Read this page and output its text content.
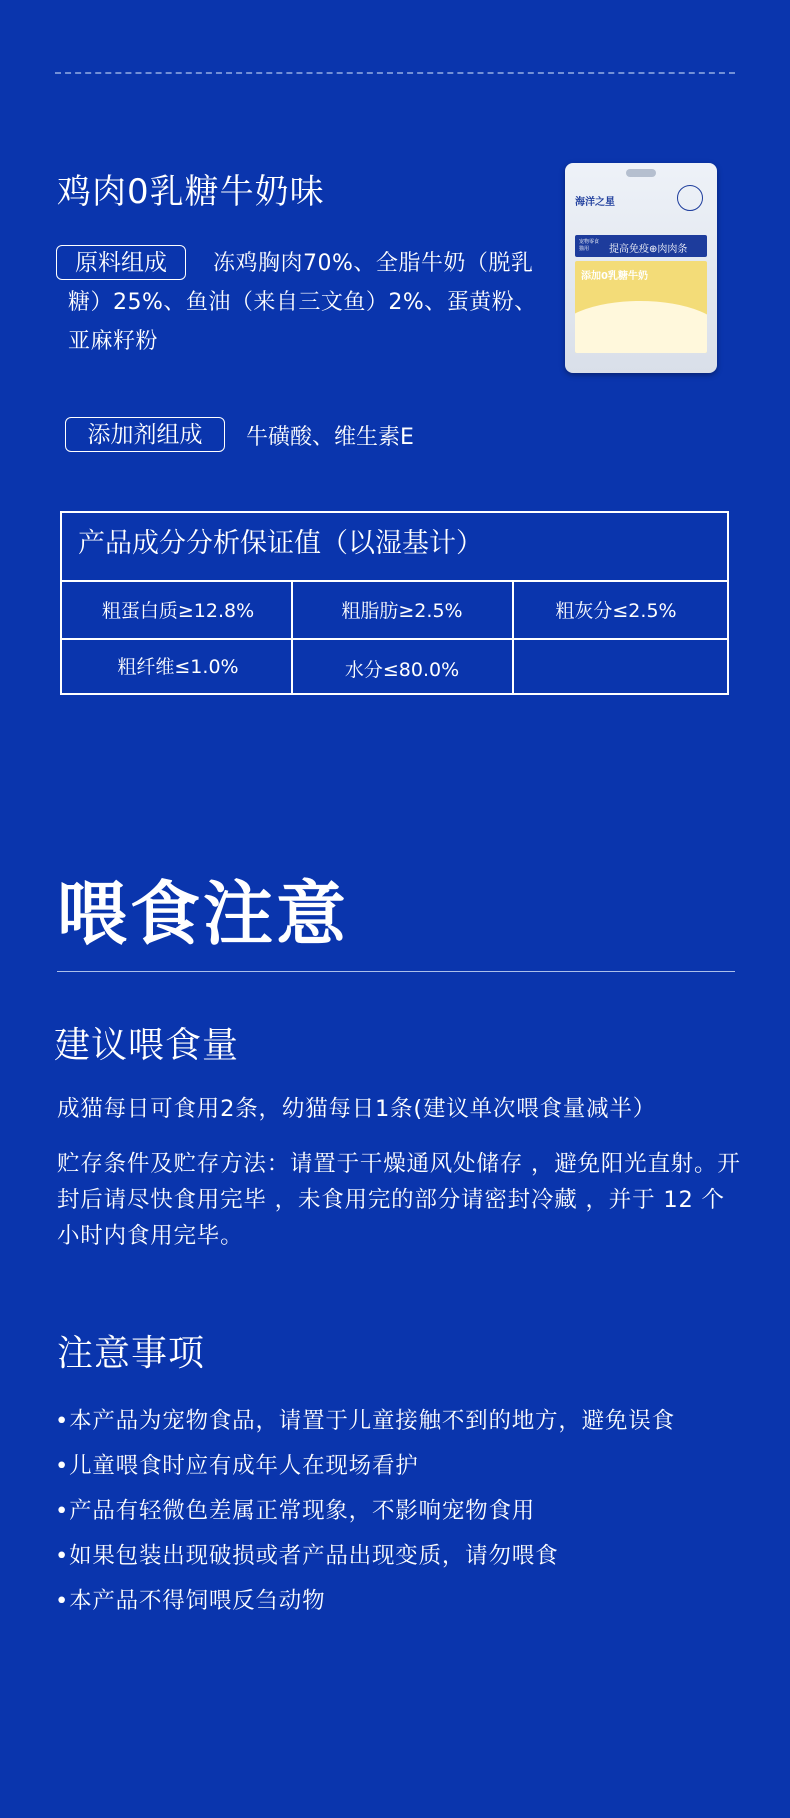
鸡肉0乳糖牛奶味
冻鸡胸肉70%、全脂牛奶（脱乳糖）25%、鱼油（来自三文鱼）2%、蛋黄粉、亚麻籽粉
原料组成
添加剂组成	牛磺酸、维生素E
海洋之星
宠物零食 猫用	提高免疫⊕肉肉条
添加0乳糖牛奶
产品成分分析保证值（以湿基计）
粗蛋白质≥12.8%	粗脂肪≥2.5%	粗灰分≤2.5%
粗纤维≤1.0%	水分≤80.0%
喂食注意
建议喂食量
成猫每日可食用2条，幼猫每日1条(建议单次喂食量减半）
贮存条件及贮存方法：请置于干燥通风处储存 ，避免阳光直射。开封后请尽快食用完毕 ，未食用完的部分请密封冷藏 ，并于 12 个小时内食用完毕。
注意事项
•本产品为宠物食品，请置于儿童接触不到的地方，避免误食
•儿童喂食时应有成年人在现场看护
•产品有轻微色差属正常现象，不影响宠物食用
•如果包装出现破损或者产品出现变质，请勿喂食
•本产品不得饲喂反刍动物
